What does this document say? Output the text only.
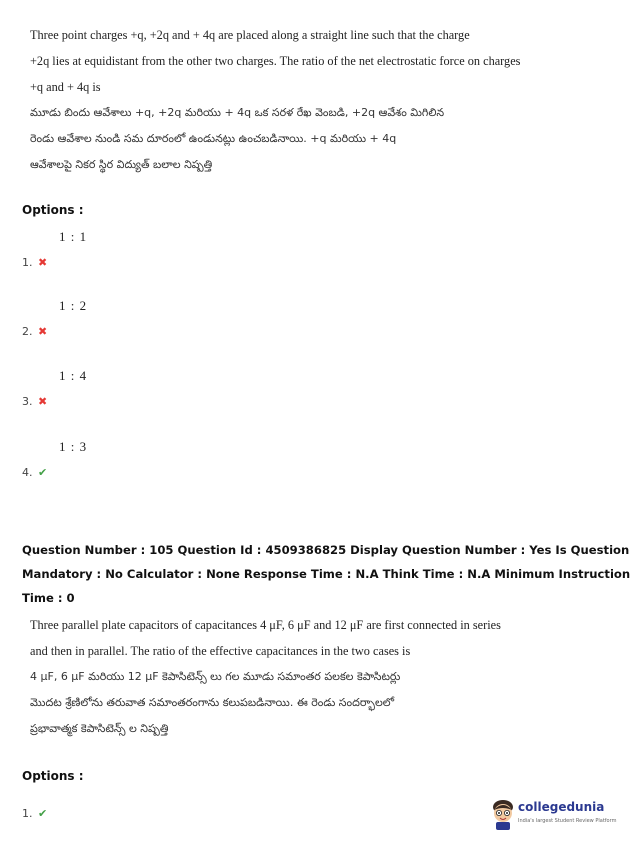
Three point charges +q, +2q and + 4q are placed along a straight line such that the charge

+2q lies at equidistant from the other two charges. The ratio of the net electrostatic force on charges

+q and + 4q is

మూడు బిందు ఆవేశాలు +q, +2q మరియు + 4q ఒక సరళ రేఖ వెంబడి, +2q ఆవేశం మిగిలిన

రెండు ఆవేశాల నుండి సమ దూరంలో ఉండునట్లు ఉంచబడినాయి. +q మరియు + 4q

ఆవేశాలపై నికర స్థిర విద్యుత్ బలాల నిష్పత్తి

Options :
1 : 1
1. ✖
1 : 2
2. ✖
1 : 4
3. ✖
1 : 3
4. ✔

Question Number : 105 Question Id : 4509386825 Display Question Number : Yes Is Question

Mandatory : No Calculator : None Response Time : N.A Think Time : N.A Minimum Instruction

Time : 0

Three parallel plate capacitors of capacitances 4 μF, 6 μF and 12 μF are first connected in series

and then in parallel. The ratio of the effective capacitances in the two cases is

4 μF, 6 μF మరియు 12 μF కెపాసిటెన్స్ లు గల మూడు సమాంతర పలకల కెపాసిటర్లు

మొదట శ్రేణిలోను తరువాత సమాంతరంగాను కలుపబడినాయి. ఈ రెండు సందర్భాలలో

ప్రభావాత్మక కెపాసిటెన్స్ ల నిష్పత్తి

Options :
1. ✔	collegedunia
India's largest Student Review Platform
